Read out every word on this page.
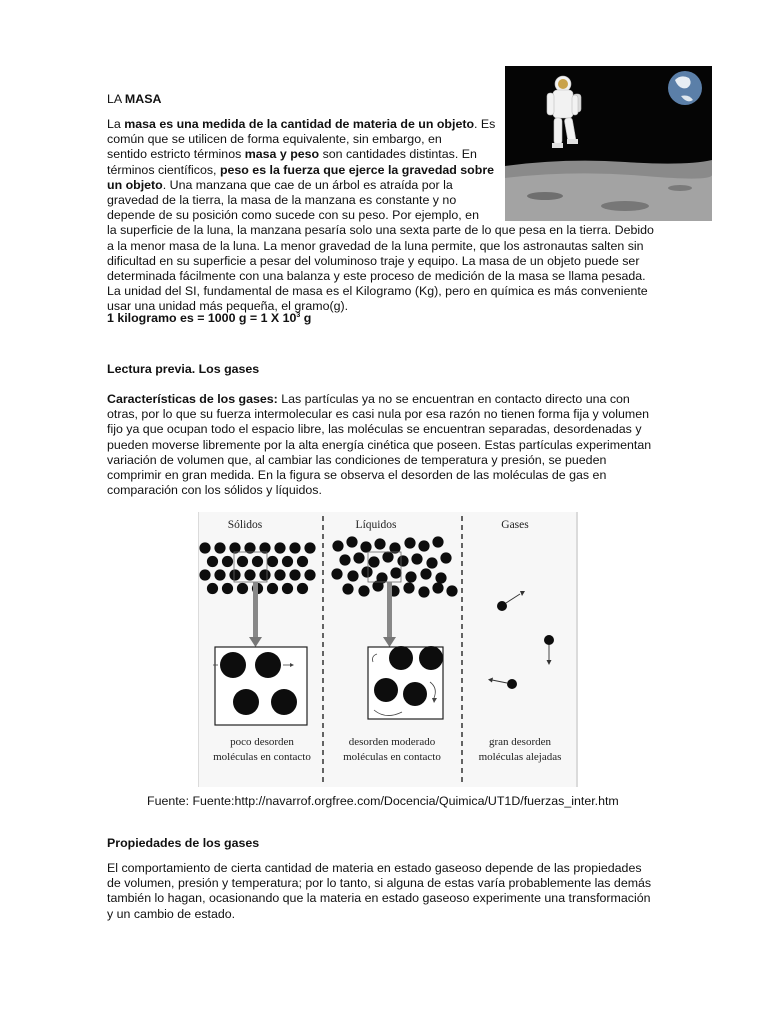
LA MASA

La masa es una medida de la cantidad de materia de un objeto. Es

común que se utilicen de forma equivalente, sin embargo, en

sentido estricto términos masa y peso son cantidades distintas. En

términos científicos, peso es la fuerza que ejerce la gravedad sobre

un objeto. Una manzana que cae de un árbol es atraída por la

gravedad de la tierra, la masa de la manzana es constante y no

depende de su posición como sucede con su peso. Por ejemplo, en

la superficie de la luna, la manzana pesaría solo una sexta parte de lo que pesa en la tierra. Debido

a la menor masa de la luna. La menor gravedad de la luna permite, que los astronautas salten sin

dificultad en su superficie a pesar del voluminoso traje y equipo. La masa de un objeto puede ser

determinada fácilmente con una balanza y este proceso de medición de la masa se llama pesada.

La unidad del SI, fundamental de masa es el Kilogramo (Kg), pero en química es más conveniente

usar una unidad más pequeña, el gramo(g).

1 kilogramo es = 1000 g = 1 X $10^3$ g

Lectura previa. Los gases

Características de los gases: Las partículas ya no se encuentran en contacto directo una con

otras, por lo que su fuerza intermolecular es casi nula por esa razón no tienen forma fija y volumen

fijo ya que ocupan todo el espacio libre, las moléculas se encuentran separadas, desordenadas y

pueden moverse libremente por la alta energía cinética que poseen. Estas partículas experimentan

variación de volumen que, al cambiar las condiciones de temperatura y presión, se pueden

comprimir en gran medida. En la figura se observa el desorden de las moléculas de gas en

comparación con los sólidos y líquidos.

Sólidos	Líquidos	Gases
poco desorden
moléculas en contacto
desorden moderado
moléculas en contacto
gran desorden
moléculas alejadas

Fuente: Fuente:http://navarrof.orgfree.com/Docencia/Quimica/UT1D/fuerzas_inter.htm

Propiedades de los gases

El comportamiento de cierta cantidad de materia en estado gaseoso depende de las propiedades

de volumen, presión y temperatura; por lo tanto, si alguna de estas varía probablemente las demás

también lo hagan, ocasionando que la materia en estado gaseoso experimente una transformación

y un cambio de estado.
